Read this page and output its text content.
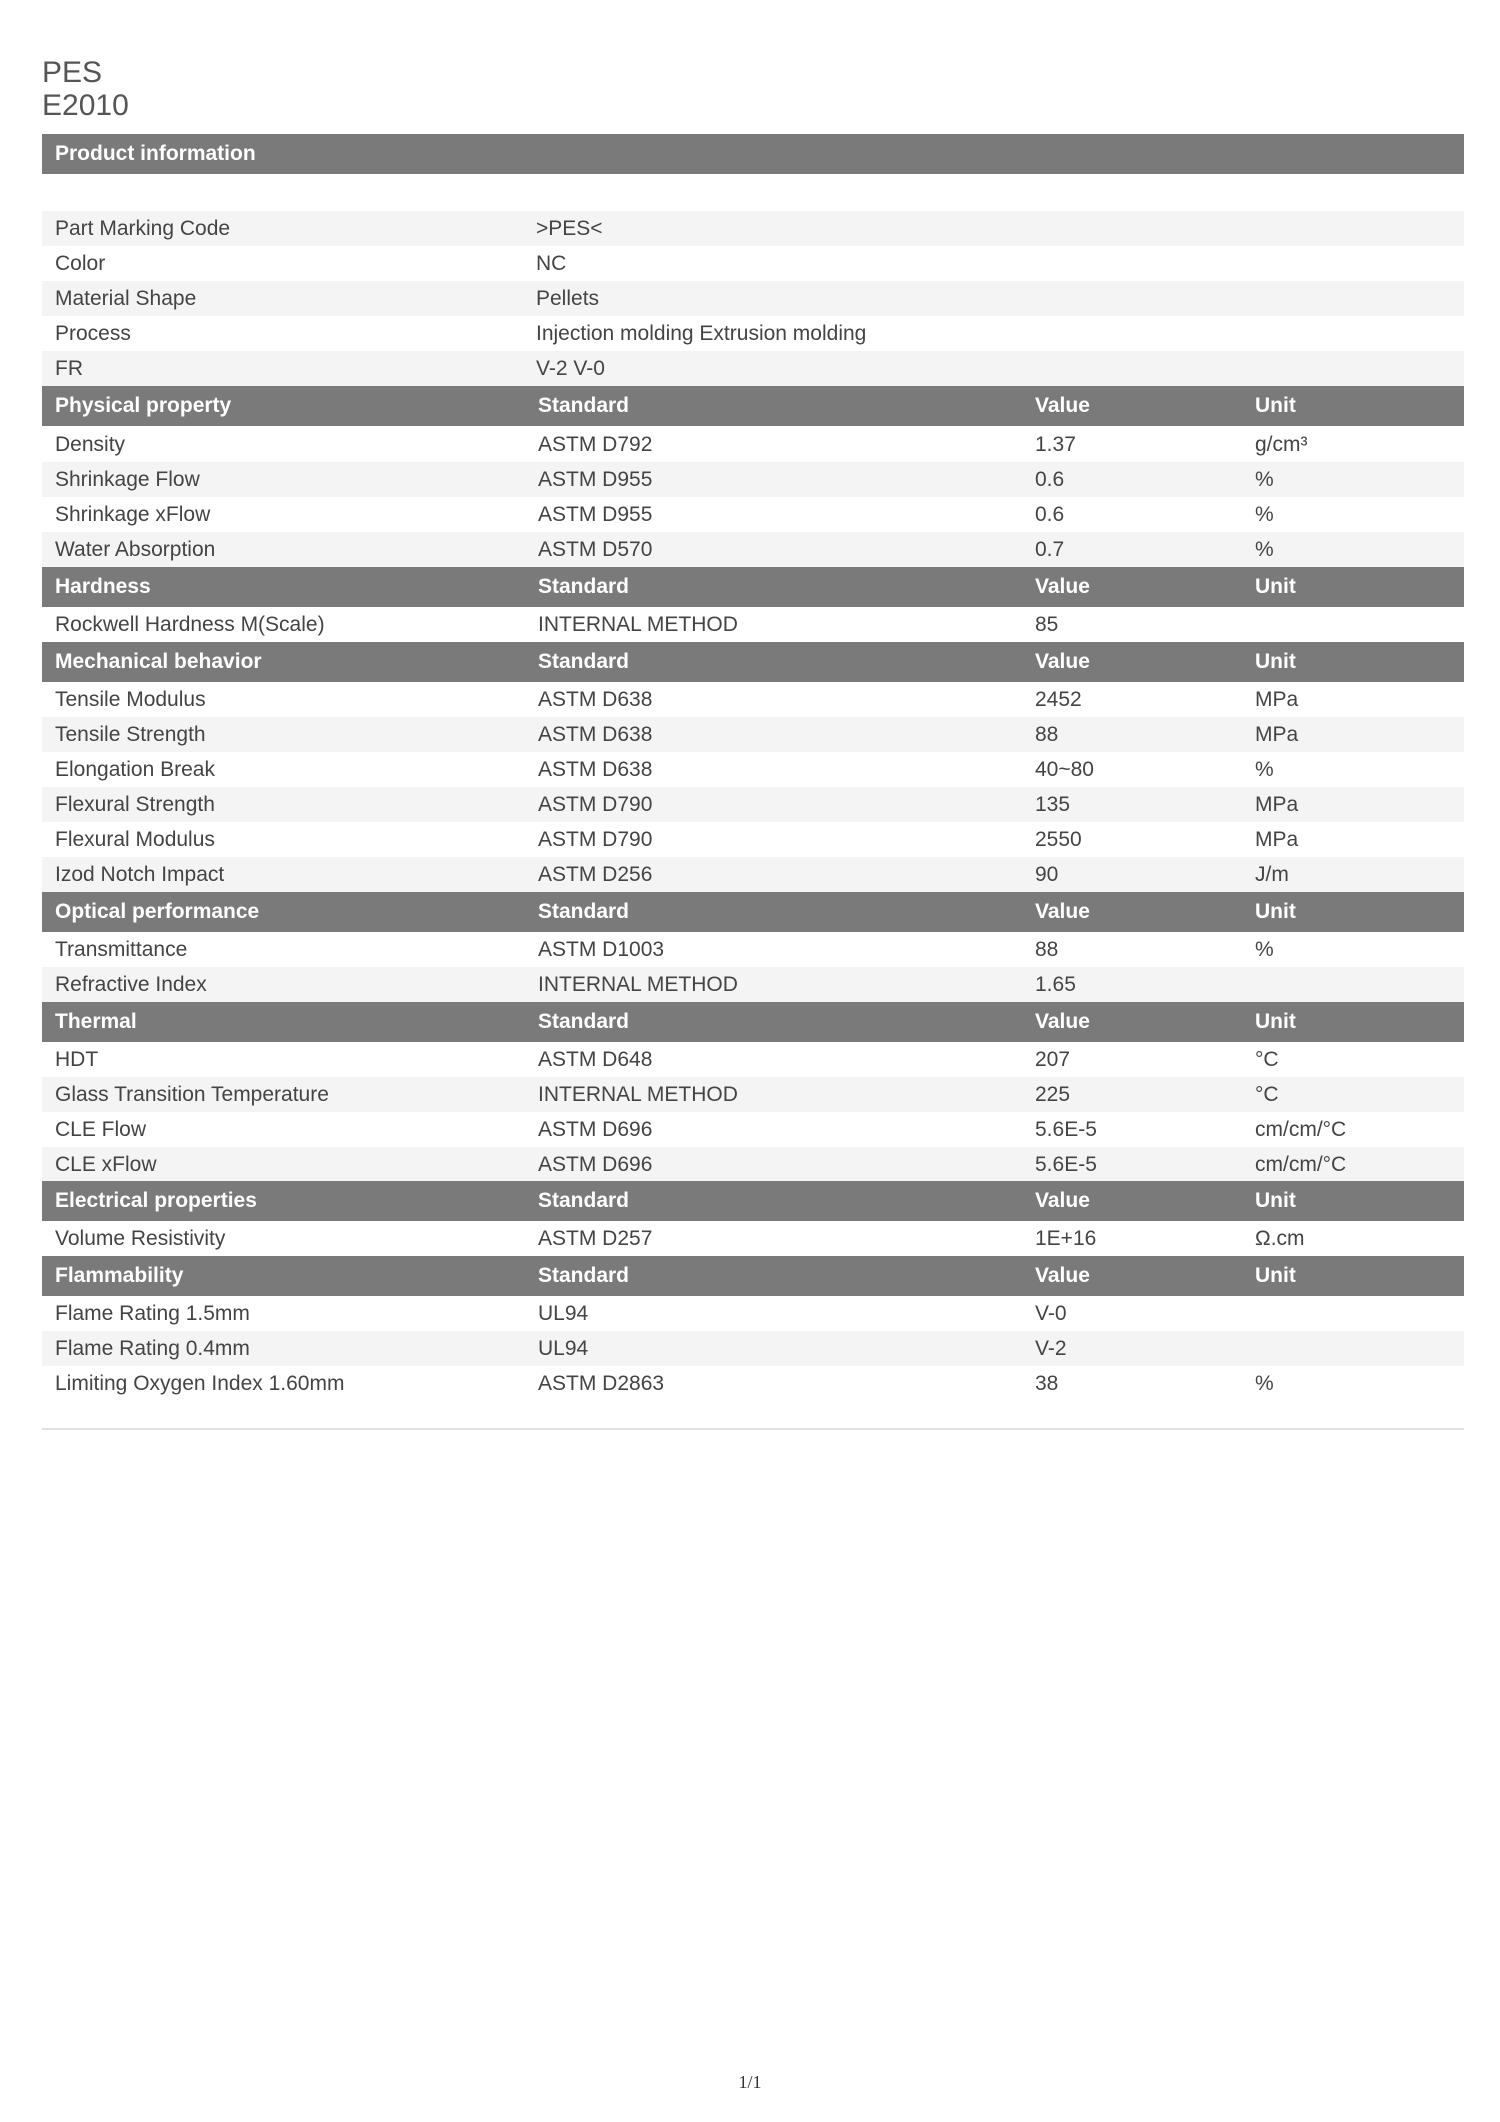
PES
E2010
Product information
Part Marking Code	>PES<
Color	NC
Material Shape	Pellets
Process	Injection molding Extrusion molding
FR	V-2 V-0
Physical property	Standard	Value	Unit
Density	ASTM D792	1.37	g/cm³
Shrinkage Flow	ASTM D955	0.6	%
Shrinkage xFlow	ASTM D955	0.6	%
Water Absorption	ASTM D570	0.7	%
Hardness	Standard	Value	Unit
Rockwell Hardness M(Scale)	INTERNAL METHOD	85
Mechanical behavior	Standard	Value	Unit
Tensile Modulus	ASTM D638	2452	MPa
Tensile Strength	ASTM D638	88	MPa
Elongation Break	ASTM D638	40~80	%
Flexural Strength	ASTM D790	135	MPa
Flexural Modulus	ASTM D790	2550	MPa
Izod Notch Impact	ASTM D256	90	J/m
Optical performance	Standard	Value	Unit
Transmittance	ASTM D1003	88	%
Refractive Index	INTERNAL METHOD	1.65
Thermal	Standard	Value	Unit
HDT	ASTM D648	207	°C
Glass Transition Temperature	INTERNAL METHOD	225	°C
CLE Flow	ASTM D696	5.6E-5	cm/cm/°C
CLE xFlow	ASTM D696	5.6E-5	cm/cm/°C
Electrical properties	Standard	Value	Unit
Volume Resistivity	ASTM D257	1E+16	Ω.cm
Flammability	Standard	Value	Unit
Flame Rating 1.5mm	UL94	V-0
Flame Rating 0.4mm	UL94	V-2
Limiting Oxygen Index 1.60mm	ASTM D2863	38	%
1/1
